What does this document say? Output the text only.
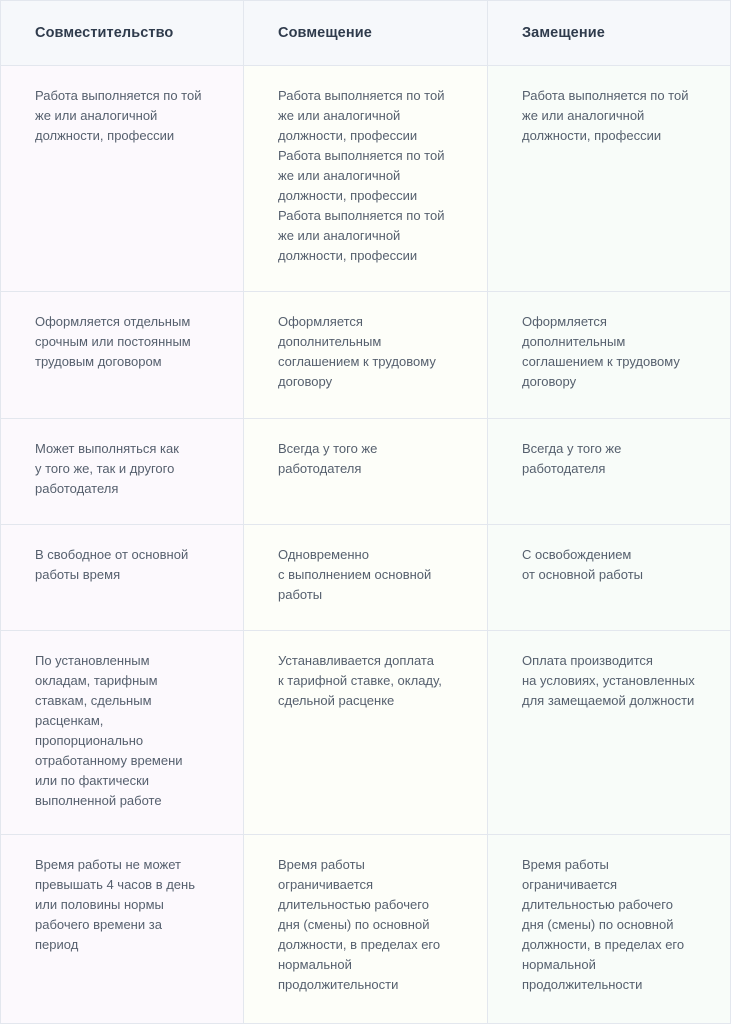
Совместительство	Совмещение	Замещение
Работа выполняется по той
же или аналогичной
должности, профессии
Работа выполняется по той
же или аналогичной
должности, профессии
Работа выполняется по той
же или аналогичной
должности, профессии
Работа выполняется по той
же или аналогичной
должности, профессии
Работа выполняется по той
же или аналогичной
должности, профессии
Оформляется отдельным
срочным или постоянным
трудовым договором
Оформляется
дополнительным
соглашением к трудовому
договору
Оформляется
дополнительным
соглашением к трудовому
договору
Может выполняться как
у того же, так и другого
работодателя
Всегда у того же
работодателя
Всегда у того же
работодателя
В свободное от основной
работы время
Одновременно
с выполнением основной
работы
С освобождением
от основной работы
По установленным
окладам, тарифным
ставкам, сдельным
расценкам,
пропорционально
отработанному времени
или по фактически
выполненной работе
Устанавливается доплата
к тарифной ставке, окладу,
сдельной расценке
Оплата производится
на условиях, установленных
для замещаемой должности
Время работы не может
превышать 4 часов в день
или половины нормы
рабочего времени за
период
Время работы
ограничивается
длительностью рабочего
дня (смены) по основной
должности, в пределах его
нормальной
продолжительности
Время работы
ограничивается
длительностью рабочего
дня (смены) по основной
должности, в пределах его
нормальной
продолжительности
